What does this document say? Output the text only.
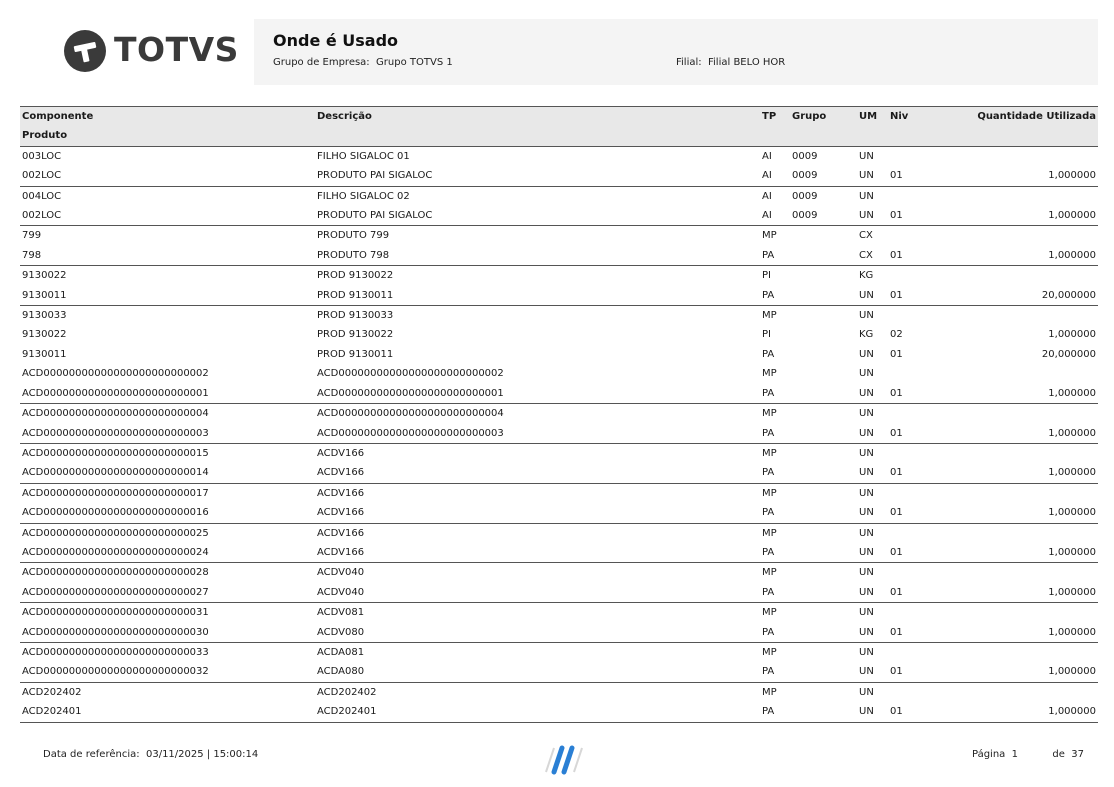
TOTVS Onde é Usado
Grupo de Empresa: Grupo TOTVS 1	Filial: Filial BELO HOR
Componente	Descrição	TP	Grupo	UM	Niv	Quantidade Utilizada
Produto						
003LOC	FILHO SIGALOC 01	AI	0009	UN		
002LOC	PRODUTO PAI SIGALOC	AI	0009	UN	01	1,000000
004LOC	FILHO SIGALOC 02	AI	0009	UN		
002LOC	PRODUTO PAI SIGALOC	AI	0009	UN	01	1,000000
799	PRODUTO 799	MP		CX		
798	PRODUTO 798	PA		CX	01	1,000000
9130022	PROD 9130022	PI		KG		
9130011	PROD 9130011	PA		UN	01	20,000000
9130033	PROD 9130033	MP		UN		
9130022	PROD 9130022	PI		KG	02	1,000000
9130011	PROD 9130011	PA		UN	01	20,000000
ACD00000000000000000000000002	ACD00000000000000000000000002	MP		UN		
ACD00000000000000000000000001	ACD00000000000000000000000001	PA		UN	01	1,000000
ACD00000000000000000000000004	ACD00000000000000000000000004	MP		UN		
ACD00000000000000000000000003	ACD00000000000000000000000003	PA		UN	01	1,000000
ACD00000000000000000000000015	ACDV166	MP		UN		
ACD00000000000000000000000014	ACDV166	PA		UN	01	1,000000
ACD00000000000000000000000017	ACDV166	MP		UN		
ACD00000000000000000000000016	ACDV166	PA		UN	01	1,000000
ACD00000000000000000000000025	ACDV166	MP		UN		
ACD00000000000000000000000024	ACDV166	PA		UN	01	1,000000
ACD00000000000000000000000028	ACDV040	MP		UN		
ACD00000000000000000000000027	ACDV040	PA		UN	01	1,000000
ACD00000000000000000000000031	ACDV081	MP		UN		
ACD00000000000000000000000030	ACDV080	PA		UN	01	1,000000
ACD00000000000000000000000033	ACDA081	MP		UN		
ACD00000000000000000000000032	ACDA080	PA		UN	01	1,000000
ACD202402	ACD202402	MP		UN		
ACD202401	ACD202401	PA		UN	01	1,000000
Data de referência: 03/11/2025 | 15:00:14	Página 1	de 37
